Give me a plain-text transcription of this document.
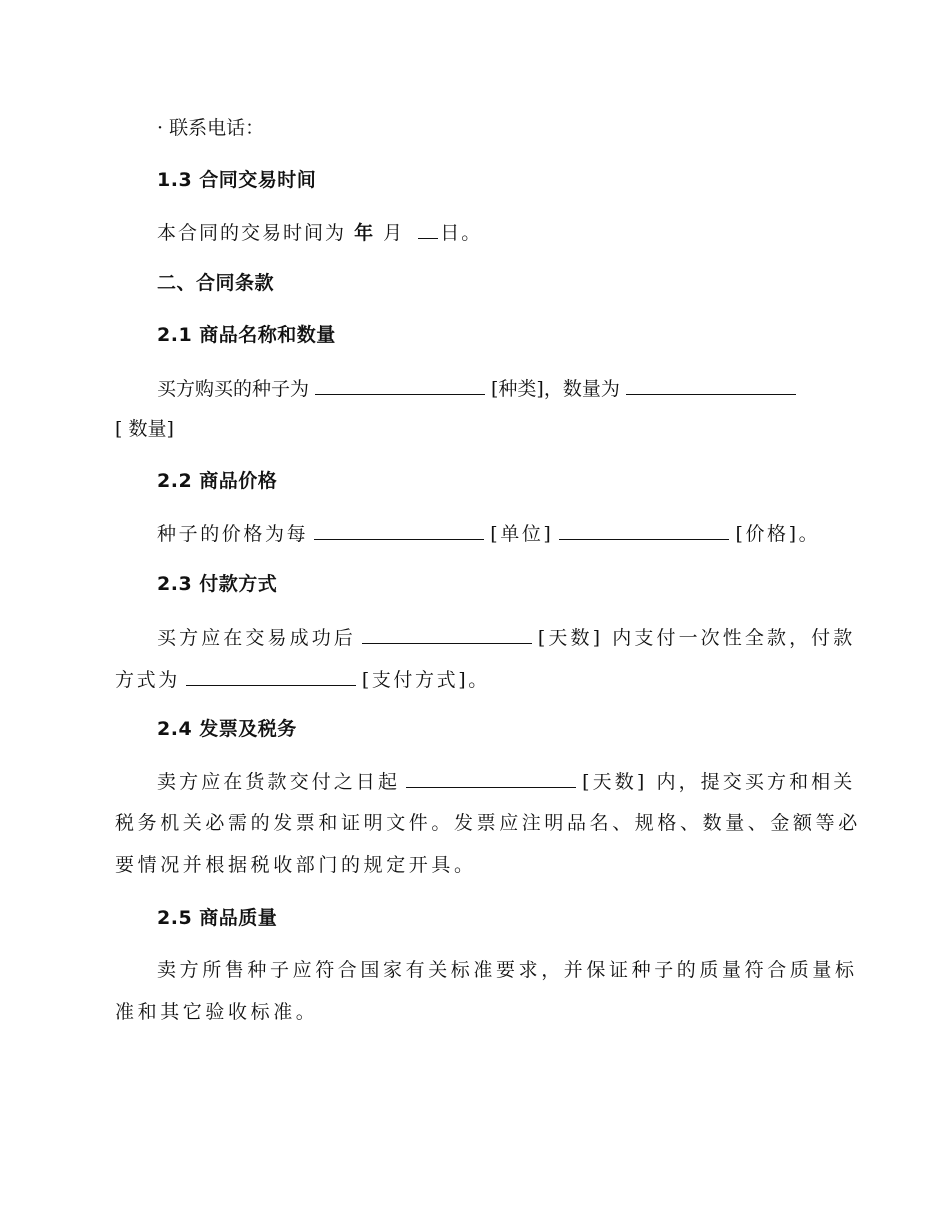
· 联系电话：
1.3 合同交易时间
本合同的交易时间为 年 月 日。
二、合同条款
2.1 商品名称和数量
买方购买的种子为	[种类]，数量为
[ 数量]
2.2 商品价格
种子的价格为每	[单位]	[价格]。
2.3 付款方式
买方应在交易成功后	[天数] 内支付一次性全款，付款
方式为	[支付方式]。
2.4 发票及税务
卖方应在货款交付之日起	[天数] 内，提交买方和相关
税务机关必需的发票和证明文件。发票应注明品名、规格、数量、金额等必
要情况并根据税收部门的规定开具。
2.5 商品质量
卖方所售种子应符合国家有关标准要求，并保证种子的质量符合质量标
准和其它验收标准。
